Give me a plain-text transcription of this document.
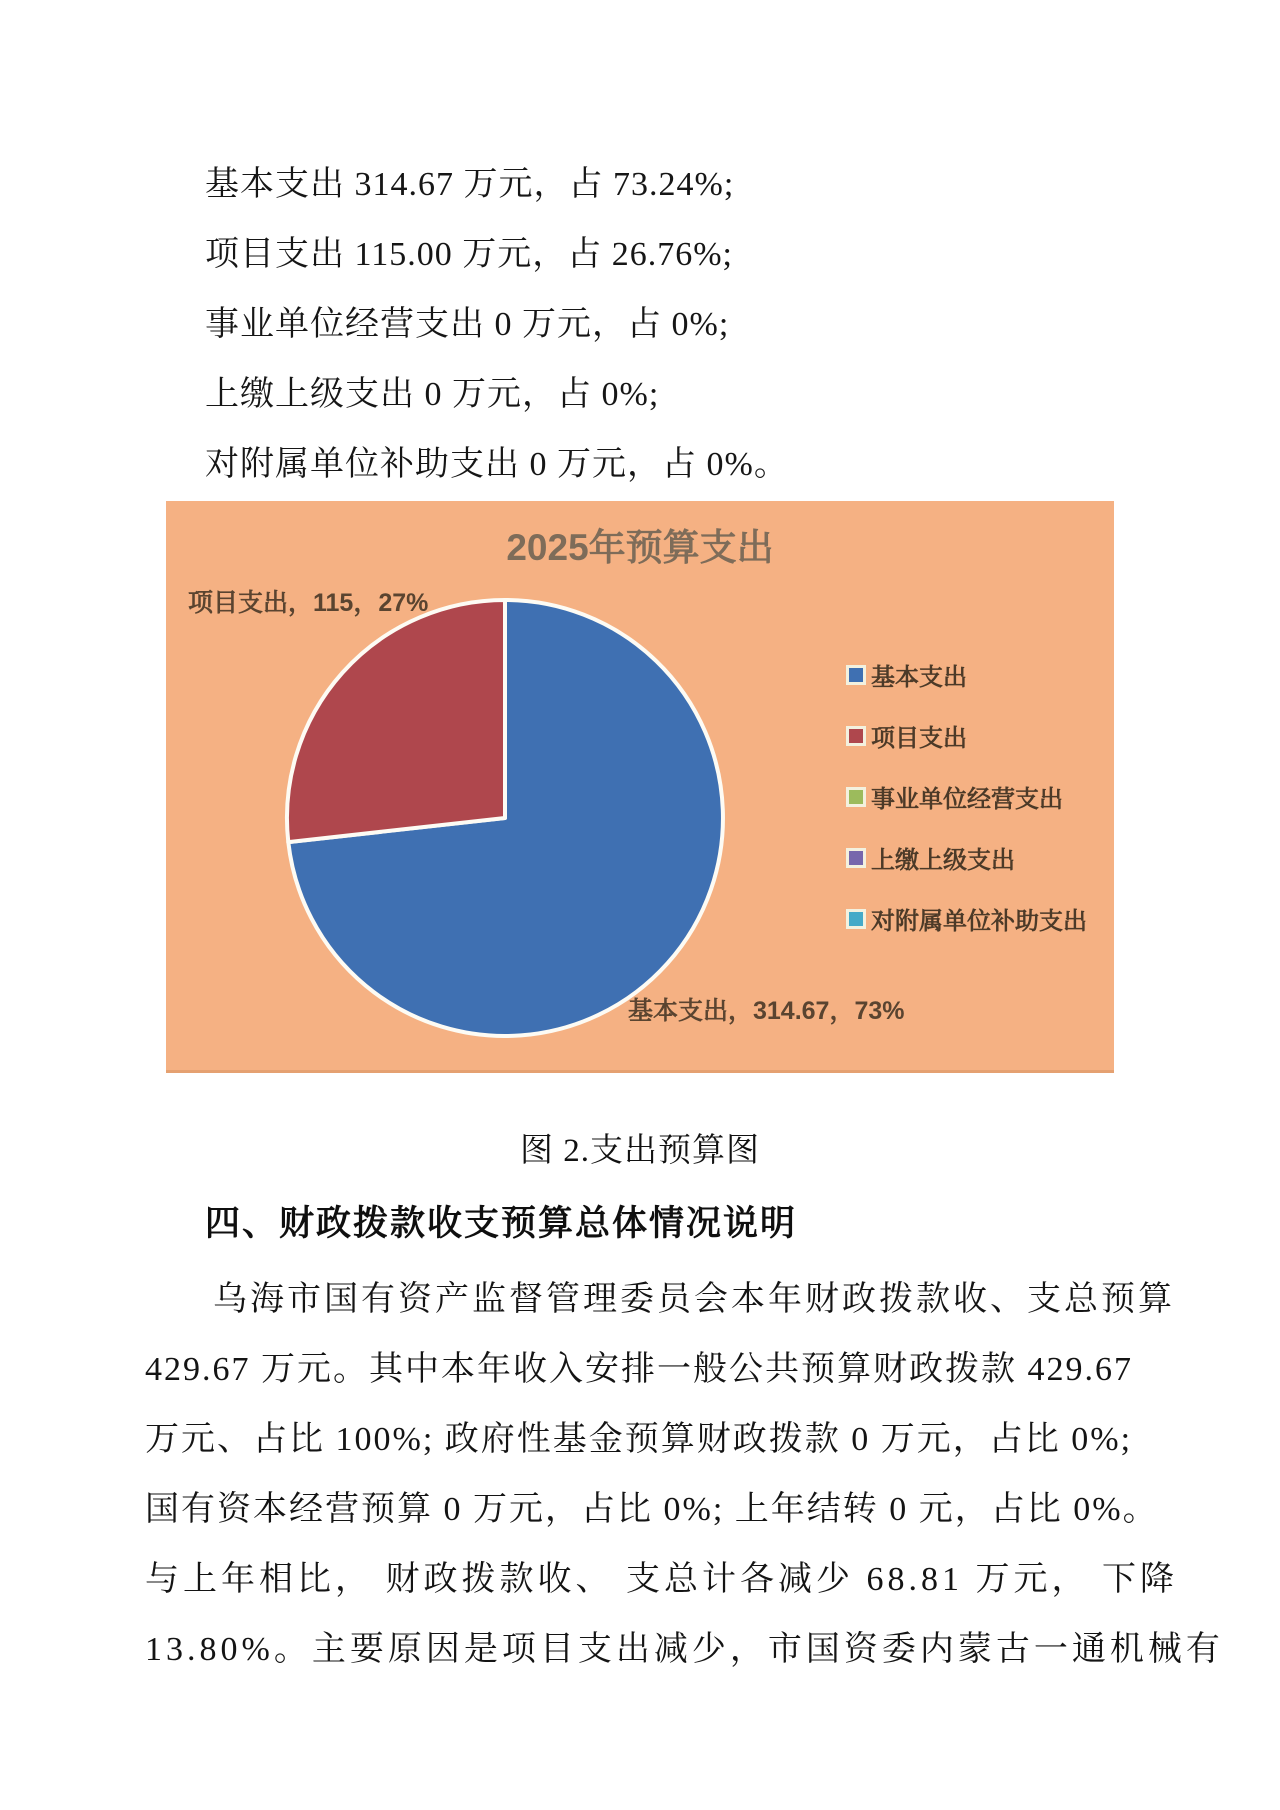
基本支出 314.67 万元，占 73.24%;
项目支出 115.00 万元，占 26.76%;
事业单位经营支出 0 万元，占 0%;
上缴上级支出 0 万元，占 0%;
对附属单位补助支出 0 万元，占 0%。
2025年预算支出
项目支出，115，27%
基本支出，314.67，73%
基本支出
项目支出
事业单位经营支出
上缴上级支出
对附属单位补助支出
图 2.支出预算图
四、财政拨款收支预算总体情况说明
乌海市国有资产监督管理委员会本年财政拨款收、支总预算
429.67 万元。其中本年收入安排一般公共预算财政拨款 429.67
万元、占比 100%; 政府性基金预算财政拨款 0 万元，占比 0%;
国有资本经营预算 0 万元，占比 0%; 上年结转 0 元，占比 0%。
与上年相比， 财政拨款收、 支总计各减少 68.81 万元， 下降
13.80%。主要原因是项目支出减少，市国资委内蒙古一通机械有
